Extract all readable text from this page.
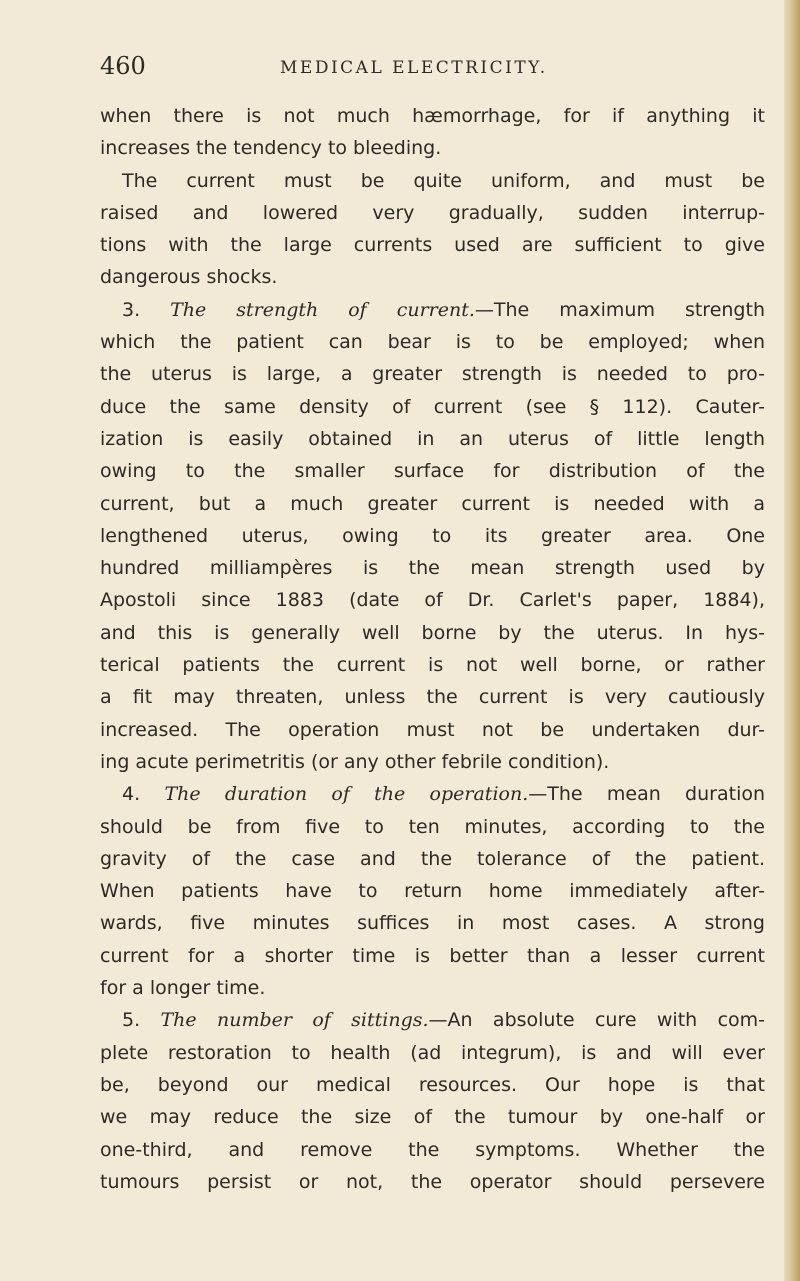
460	MEDICAL ELECTRICITY.
when there is not much hæmorrhage, for if anything it
increases the tendency to bleeding.
The current must be quite uniform, and must be
raised and lowered very gradually, sudden interrup-
tions with the large currents used are sufficient to give
dangerous shocks.
3. The strength of current.—The maximum strength
which the patient can bear is to be employed; when
the uterus is large, a greater strength is needed to pro-
duce the same density of current (see § 112). Cauter-
ization is easily obtained in an uterus of little length
owing to the smaller surface for distribution of the
current, but a much greater current is needed with a
lengthened uterus, owing to its greater area. One
hundred milliampères is the mean strength used by
Apostoli since 1883 (date of Dr. Carlet's paper, 1884),
and this is generally well borne by the uterus. In hys-
terical patients the current is not well borne, or rather
a fit may threaten, unless the current is very cautiously
increased. The operation must not be undertaken dur-
ing acute perimetritis (or any other febrile condition).
4. The duration of the operation.—The mean duration
should be from five to ten minutes, according to the
gravity of the case and the tolerance of the patient.
When patients have to return home immediately after-
wards, five minutes suffices in most cases. A strong
current for a shorter time is better than a lesser current
for a longer time.
5. The number of sittings.—An absolute cure with com-
plete restoration to health (ad integrum), is and will ever
be, beyond our medical resources. Our hope is that
we may reduce the size of the tumour by one-half or
one-third, and remove the symptoms. Whether the
tumours persist or not, the operator should persevere
